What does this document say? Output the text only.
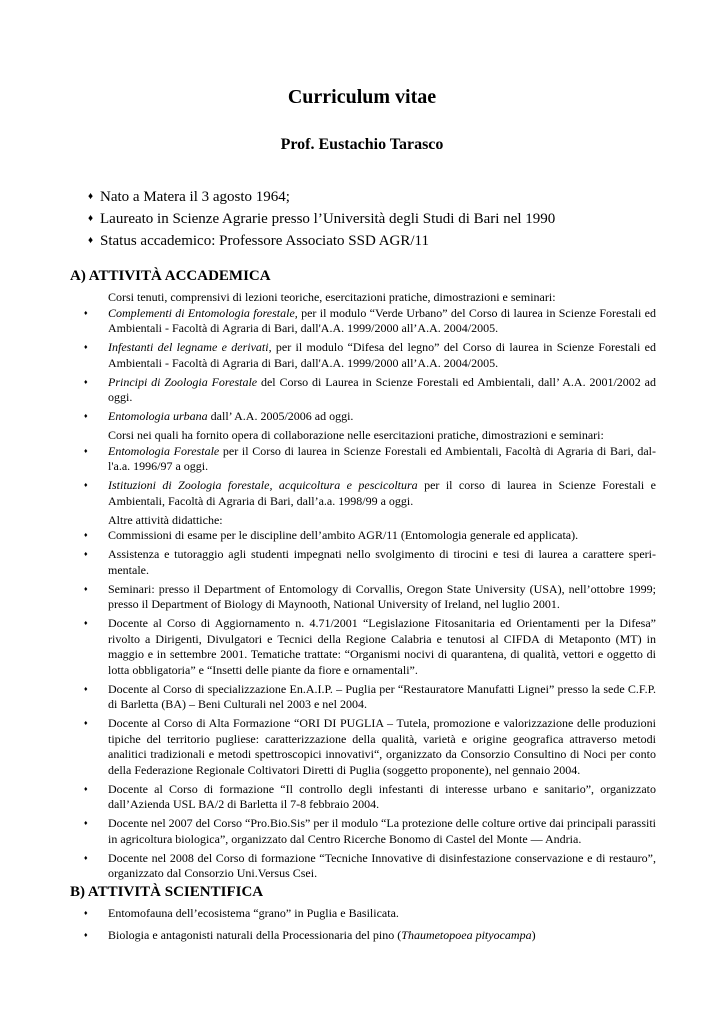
Curriculum vitae
Prof. Eustachio Tarasco
♦ Nato a Matera il 3 agosto 1964;
♦ Laureato in Scienze Agrarie presso l’Università degli Studi di Bari nel 1990
♦ Status accademico: Professore Associato SSD AGR/11
A) ATTIVITÀ ACCADEMICA
Corsi tenuti, comprensivi di lezioni teoriche, esercitazioni pratiche, dimostrazioni e seminari:
♦ Complementi di Entomologia forestale, per il modulo “Verde Urbano” del Corso di laurea in Scienze Forestali ed Ambientali - Facoltà di Agraria di Bari, dall'A.A. 1999/2000 all’A.A. 2004/2005.
♦ Infestanti del legname e derivati, per il modulo “Difesa del legno” del Corso di laurea in Scienze Forestali ed Ambientali - Facoltà di Agraria di Bari, dall'A.A. 1999/2000 all’A.A. 2004/2005.
♦ Principi di Zoologia Forestale del Corso di Laurea in Scienze Forestali ed Ambientali, dall’ A.A. 2001/2002 ad oggi.
♦ Entomologia urbana dall’ A.A. 2005/2006 ad oggi.
Corsi nei quali ha fornito opera di collaborazione nelle esercitazioni pratiche, dimostrazioni e seminari:
♦ Entomologia Forestale per il Corso di laurea in Scienze Forestali ed Ambientali, Facoltà di Agraria di Bari, dal-l'a.a. 1996/97 a oggi.
♦ Istituzioni di Zoologia forestale, acquicoltura e pescicoltura per il corso di laurea in Scienze Forestali e Ambientali, Facoltà di Agraria di Bari, dall’a.a. 1998/99 a oggi.
Altre attività didattiche:
♦ Commissioni di esame per le discipline dell’ambito AGR/11 (Entomologia generale ed applicata).
♦ Assistenza e tutoraggio agli studenti impegnati nello svolgimento di tirocini e tesi di laurea a carattere speri-mentale.
♦ Seminari: presso il Department of Entomology di Corvallis, Oregon State University (USA), nell’ottobre 1999; presso il Department of Biology di Maynooth, National University of Ireland, nel luglio 2001.
♦ Docente al Corso di Aggiornamento n. 4.71/2001 “Legislazione Fitosanitaria ed Orientamenti per la Difesa” rivolto a Dirigenti, Divulgatori e Tecnici della Regione Calabria e tenutosi al CIFDA di Metaponto (MT) in maggio e in settembre 2001. Tematiche trattate: “Organismi nocivi di quarantena, di qualità, vettori e oggetto di lotta obbligatoria” e “Insetti delle piante da fiore e ornamentali”.
♦ Docente al Corso di specializzazione En.A.I.P. – Puglia per “Restauratore Manufatti Lignei” presso la sede C.F.P. di Barletta (BA) – Beni Culturali nel 2003 e nel 2004.
♦ Docente al Corso di Alta Formazione “ORI DI PUGLIA – Tutela, promozione e valorizzazione delle produzioni tipiche del territorio pugliese: caratterizzazione della qualità, varietà e origine geografica attraverso metodi analitici tradizionali e metodi spettroscopici innovativi“, organizzato da Consorzio Consultino di Noci per conto della Federazione Regionale Coltivatori Diretti di Puglia (soggetto proponente), nel gennaio 2004.
♦ Docente al Corso di formazione “Il controllo degli infestanti di interesse urbano e sanitario”, organizzato dall’Azienda USL BA/2 di Barletta il 7-8 febbraio 2004.
♦ Docente nel 2007 del Corso “Pro.Bio.Sis” per il modulo “La protezione delle colture ortive dai principali parassiti in agricoltura biologica”, organizzato dal Centro Ricerche Bonomo di Castel del Monte — Andria.
♦ Docente nel 2008 del Corso di formazione “Tecniche Innovative di disinfestazione conservazione e di restauro”, organizzato dal Consorzio Uni.Versus Csei.
B) ATTIVITÀ SCIENTIFICA
♦ Entomofauna dell’ecosistema “grano” in Puglia e Basilicata.
♦ Biologia e antagonisti naturali della Processionaria del pino (Thaumetopoea pityocampa)
